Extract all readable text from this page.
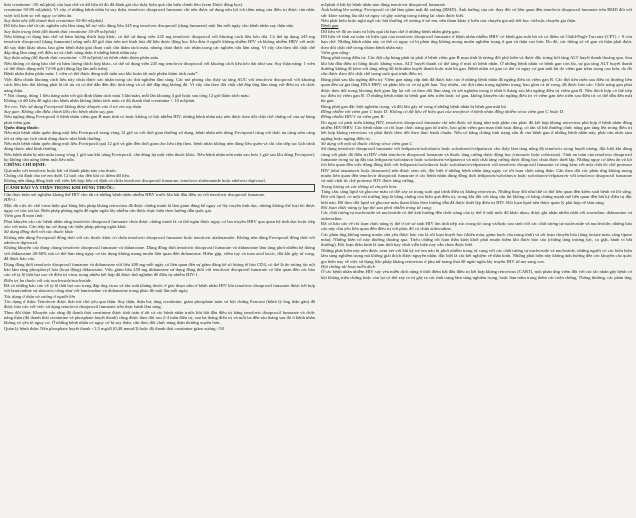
thải creatinine <50 ml/phút) còn hạn chế và dữ liệu từ đó đã đánh giá cho thấy hiệu quả cần hiệu chỉnh liều (xem Dược động học).

creatinine 50-80 ml/phút): Vì vậy, ở những bệnh nhân bị suy thận, tenofovir disoproxil fumarate chỉ nên được sử dụng nếu lợi ích tiềm năng của điều trị được cân nhắc vượt trội hơn so với nguy cơ tiềm ẩn.

Suy thận nhẹ (độ thanh thải creatinine 50-80 ml/phút)

Dữ liệu hạn chế từ các nghiên cứu lâm sàng hỗ trợ việc dùng liều 245 mg tenofovir disoproxil (dạng fumarate) một lần mỗi ngày cho bệnh nhân suy thận nhẹ.

Suy thận trung bình (độ thanh thải creatinine 30-49 ml/phút)

Nếu không có dạng bào chế và hàm lượng thích hợp khác, có thể sử dụng viên 245 mg tenofovir disoproxil với khoảng cách liều kéo dài. Có thể áp dụng 245 mg tenofovir disoproxil (dạng fumarate) uống mỗi 48 giờ dựa trên mô hình hóa dữ liệu dược động học liều đơn ở người không nhiễm HIV và không nhiễm HBV với mức độ suy thận khác nhau, bao gồm bệnh thận giai đoạn cuối cần thẩm tách máu, nhưng chưa được xác nhận trong các nghiên cứu lâm sàng. Vì vậy cần theo dõi chặt chẽ đáp ứng lâm sàng với điều trị và chức năng thận ở những bệnh nhân này.

Suy thận nặng (độ thanh thải creatinine <30 ml/phút) và bệnh nhân thẩm phân máu

Nếu không có dạng bào chế và hàm lượng thích hợp khác, có thể sử dụng viên 245 mg tenofovir disoproxil với khoảng cách liều kéo dài như sau: Suy thận nặng: 1 viên có thể được dùng mỗi 72-96 giờ (dùng lặp lần mỗi tuần).

Bệnh nhân thẩm phân máu: 1 viên có thể được dùng mỗi tuần sau khi hoàn tất một phiên thẩm tách máu*.

Việc điều chỉnh khoảng cách liều này chưa được xác nhận trong các thử nghiệm lâm sàng. Các mô phỏng cho thấy sự tăng AUC với tenofovir disoproxil với khoảng cách liều kéo dài không phải là tối ưu và có thể dẫn đến độc tính tăng và có thể đáp ứng không đủ. Vì vậy cần theo dõi chặt chẽ đáp ứng lâm sàng với điều trị và chức năng thận.

* Nói chung, dùng 1 liều hàng tuần với giả định thẩm tách máu 3 lần/tuần, mỗi lần khoảng 4 giờ hoặc sau tổng 12 giờ thẩm tách máu.

Không có dữ liệu để nghị cho bệnh nhân không thẩm tách máu có độ thanh thải creatinine < 10 ml/phút.

Trẻ em: Việc sử dụng Fovirpoxil không được khuyến cáo ở trẻ em suy thận.

Suy gan: Không cần điều chỉnh liều cho bệnh nhân suy gan.

Nếu ngừng dùng Fovirpoxil ở bệnh nhân viêm gan B mạn tính có hoặc không có bội nhiễm HIV, những bệnh nhân này nên được theo dõi chặt chẽ chứng cứ của sự bùng phát viêm gan.

Quên dùng thuốc:

Nếu một bệnh nhân quên dùng một liều Fovirpoxil trong vòng 12 giờ so với thời gian thường sử dụng, bệnh nhân nên dùng Fovirpoxil cùng với thức ăn càng sớm càng tốt và tiếp tục lịch trình dùng thuốc như bình thường.

Nếu một bệnh nhân quên dùng một liều Fovirpoxil quá 12 giờ và gần đến thời gian cho liều tiếp theo, bệnh nhân không nên dùng liều quên và chỉ cần tiếp tục lịch trình dùng thuốc như bình thường.

Nếu bệnh nhân bị nôn mửa trong vòng 1 giờ sau khi uống Fovirpoxil, cần dùng lại một viên thuốc khác. Nếu bệnh nhân nôn mửa sau hơn 1 giờ sau khi dùng Fovirpoxil, họ không cần uống thêm một liều nữa.

CHỐNG CHỈ ĐỊNH:

Quá mẫn với tenofovir hoặc bất cứ thành phần nào của thuốc.

Chống chỉ định cho trẻ em dưới 12 tuổi cho đến khi có thêm dữ liệu.

Không nên dùng đồng thời với viên kết hợp liều cố định có chứa tenofovir disoproxil fumarate, tenofovir alafenamide hoặc adefovir dipivoxil.

CẢNH BÁO VÀ THẬN TRỌNG KHI DÙNG THUỐC:

Cần thực hiện xét nghiệm kháng thể HIV cho tất cả những bệnh nhân nhiễm HBV trước khi bắt đầu điều trị với tenofovir disoproxil fumarate.

HIV-1:

Mặc dù việc ức chế virus hiệu quả bằng liệu pháp kháng retrovirus đã được chứng minh là làm giảm đáng kể nguy cơ lây truyền tình dục, nhưng không thể loại bỏ được nguy cơ còn sót lại. Biện pháp phòng ngừa để ngăn ngừa lây nhiễm cần được thực hiện theo hướng dẫn quốc gia.

Viêm gan B mạn tính:

Phải khuyến cáo các bệnh nhân rằng tenofovir disoproxil fumarate chưa được chứng minh là có thể ngăn được nguy cơ lan truyền HBV qua quan hệ tình dục hoặc tiếp xúc với máu. Cần tiếp tục sử dụng các biện pháp phòng ngừa khác.

Sử dụng đồng thời với các thuốc khác

Không nên dùng Fovirpoxil đồng thời với các thuốc khác có chứa tenofovir disoproxil fumarate hoặc tenofovir alafenamide. Không nên dùng Fovirpoxil đồng thời với adefovir dipivoxil.

Không khuyến cáo dùng chung tenofovir disoproxil fumarate và didanosine. Dùng đồng thời tenofovir disoproxil fumarate và didanosine làm tăng phơi nhiễm hệ thống với didanosine 40-60% mà có thể làm tăng nguy cơ tác dụng không mong muốn liên quan đến didanosine. Hiếm gặp, viêm tụy và toan acid lactic, đôi khi gây tử vong, đã được báo cáo.

Dùng đồng thời tenofovir disoproxil fumarate và didanosine với liều 400 mg mỗi ngày có liên quan đến sự giảm đáng kể số lượng tế bào CD4, có thể là do tương tác nội bào làm tăng phosphoryl hóa (hoạt động) didanosine. Việc giảm liều 250 mg didanosine sử dụng đồng thời với tenofovir disoproxil fumarate có liên quan đến các báo cáo về tỷ lệ thất bại cao về điều trị virus trong nhiều kết hợp đã được thử nghiệm để điều trị nhiễm HIV-1.

Điều trị ba thuốc với các nucleoside/nucleotide

Đã có những báo cáo về tỷ lệ thất bại cao trong đáp ứng virus và tần suất kháng thuốc ở giai đoạn sớm ở bệnh nhân HIV khi tenofovir disoproxil fumarate được kết hợp với lamivudine và abacavir cũng như với lamivudine và didanosine trong phác đồ một lần mỗi ngày.

Tác dụng ở thận và xương ở người lớn

Tác dụng ở thận: Tenofovir được thải trừ chủ yếu qua thận. Suy thận, thận hư, tăng creatinine, giảm phosphate máu và hội chứng Fanconi (bệnh lý ống thận gần) đã được báo cáo với việc sử dụng tenofovir disoproxil fumarate trên thực hành lâm sàng.

Theo dõi thận: Khuyến cáo rằng độ thanh thải creatinine được tính toán ở tất cả các bệnh nhân trước khi bắt đầu điều trị bằng tenofovir disoproxil fumarate và chức năng thận (độ thanh thải creatinine và phosphate huyết thanh) cũng được theo dõi sau 2-4 tuần điều trị, sau ba tháng điều trị và mỗi ba đến sáu tháng sau đó ở bệnh nhân không có yếu tố nguy cơ. Ở những bệnh nhân có nguy cơ bị suy thận, cần theo dõi chức năng thận thường xuyên hơn.

Quản lý bệnh thận: Nếu phosphate huyết thanh <1,5 mg/dl (0,48 mmol/l) hoặc độ thanh thải creatinine giảm xuống <50

ml/phút ở bất kỳ bệnh nhân nào dùng tenofovir disoproxil fumarate.

Ảnh hưởng lên xương: Fovirpoxil có thể làm giảm mật độ xương (BMD). Ảnh hưởng của các thay đổi có liên quan đến tenofovir disoproxil fumarate trên BMD đối với sức khỏe xương lâu dài và nguy cơ gãy xương trong tương lai chưa được biết.

Nếu phát hiện hoặc nghi ngờ các bất thường về xương ở trẻ em, nên tham khảo ý kiến của chuyên gia nội tiết học và/hoặc chuyên gia thận.

Bệnh gan

Dữ liệu về độ an toàn và hiệu quả rất hạn chế ở những bệnh nhân ghép gan.

Dữ liệu về tính an toàn và hiệu quả của tenofovir disoproxil fumarate ở bệnh nhân nhiễm HBV có bệnh gan mất bù và có điểm số Child-Pugh-Turcotte (CPT) > 9 còn hạn chế. Những bệnh nhân này có thể có nguy cơ bị phản ứng không mong muốn nghiêm trọng ở gan và thận cao hơn. Do đó, các thông số về gan và thận phải được theo dõi chặt chẽ trong nhóm bệnh nhân này.

Viêm gan nặng:

Bùng phát trong điều trị: Các đợt cấp bùng phát tự phát ở bệnh viêm gan B mạn tính là tương đối phổ biến và được đặc trưng bởi tăng ALT huyết thanh thoáng qua. Sau khi bắt đầu điều trị bằng thuốc kháng virus, ALT huyết thanh có thể tăng ở một số bệnh nhân. Ở những bệnh nhân có bệnh gan còn bù, sự gia tăng ALT huyết thanh thường không đi kèm với tăng nồng độ bilirubin huyết thanh hoặc mất bù gan. Bệnh nhân xơ gan có thể có nguy cơ gan mất bù do viêm gan trầm trọng cao hơn, do đó cần được theo dõi chặt chẽ trong suốt quá trình điều trị.

Bùng phát sau khi ngừng điều trị: Viêm gan nặng cấp tính đã được báo cáo ở những bệnh nhân đã ngừng điều trị viêm gan B. Các đợt tiến triển sau điều trị thường liên quan đến sự gia tăng DNA HBV, và phần lớn có vẻ tự giới hạn. Tuy nhiên, các đợt trầm trọng nghiêm trọng, bao gồm cả tử vong, đã được báo cáo. Chức năng gan phải được theo dõi trong khoảng thời gian lặp lại với cả theo dõi lâm sàng và xét nghiệm trong ít nhất 6 tháng sau khi ngừng điều trị viêm gan B. Nếu thích hợp có thể tiếp tục điều trị viêm gan B. Ở những bệnh nhân bị bệnh gan tiến triển hoặc xơ gan, không khuyến cáo ngừng điều trị vì viêm gan tiến triển sau điều trị có thể dẫn đến mất bù gan.

Bùng phát gan đặc biệt nghiêm trọng, và đôi khi gây tử vong ở những bệnh nhân bị bệnh gan mất bù.

Đồng nhiễm với viêm gan C hoặc D: Không có dữ liệu về hiệu quả của tenofovir ở bệnh nhân đồng nhiễm virus viêm gan C hoặc D.

Đồng nhiễm HIV-1 và viêm gan B:

Do nguy cơ phát triển kháng HIV, tenofovir disoproxil fumarate chỉ nên được sử dụng như một phần của phác đồ kết hợp kháng retrovirus phù hợp ở bệnh nhân đồng nhiễm HIV/HBV. Các bệnh nhân có rối loạn chức năng gan từ trước, bao gồm viêm gan mạn tính hoạt động, có tần số bất thường chức năng gan tăng lên trong điều trị kết hợp kháng retrovirus và phải được theo dõi theo thực hành chuẩn. Nếu có bằng chứng tình trạng xấu đi của bệnh gan ở những bệnh nhân này, phải cân nhắc tạm ngừng hoặc ngừng điều trị.

Sử dụng với một số thuốc chống virus viêm gan C

Sử dụng tenofovir disoproxil fumarate với ledipasvir/sofosbuvir hoặc sofosbuvir/velpatasvir cho thấy làm tăng nồng độ tenofovir trong huyết tương, đặc biệt khi dùng cùng với phác đồ điều trị HIV chứa tenofovir disoproxil fumarate và thuốc tăng cường dược động học (ritonavir hoặc cobicistat). Tính an toàn của tenofovir disoproxil fumarate trong sự áp đặt của ledipasvir/sofosbuvir hoặc sofosbuvir/velpatasvir và một chất tăng cường dược động học chưa được thiết lập. Những nguy cơ tiềm ẩn và lợi ích liên quan đến việc dùng đồng thời với ledipasvir/sofosbuvir hoặc sofosbuvir/velpatasvir với tenofovir disoproxil fumarate có tăng kèm với một chất ức chế protease HIV (như atazanavir hoặc darunavir) nên được xem xét, đặc biệt ở những bệnh nhân tăng nguy cơ rối loạn chức năng thận. Cần theo dõi các phản ứng không mong muốn liên quan đến tenofovir disoproxil fumarate ở các bệnh nhân dùng đồng thời ledipasvir/sofosbuvir hoặc sofosbuvir/velpatasvir với tenofovir disoproxil fumarate và một chất ức chế protease HIV được tăng cường.

Trọng lượng và các thông số chuyển hóa:

Tăng cân, tăng lipid và glucose máu có thể xảy ra trong suốt quá trình điều trị kháng retrovirus. Những thay đổi như thế có thể liên quan đến kiểm soát bệnh và lối sống. Đối với lipid, có một vài trường hợp là bằng chứng của hiệu quả điều trị, trong khi đối với tăng cân thì không có bằng chứng mạnh mẽ liên quan đến bất kỳ điều trị đặc biệt nào. Để theo dõi lipid và glucose máu tham khảo theo hướng dẫn đã được thiết lập điều trị HIV. Rối loạn lipid nên được quản lý phù hợp về lâm sàng.

Rối loạn chức năng ty lạp thể sau phơi nhiễm trong tử cung:

Các chất tương tự nucleoside và nucleotide có thể ảnh hưởng đến chức năng của ty thể ở một mức độ khác nhau, được ghi nhận nhiều nhất với stavudine, didanosine và zidovudine.

Đã có báo cáo về rối loạn chức năng ty thể ở trẻ sơ sinh HIV âm tính tiếp xúc trong tử cung và/hoặc sau sinh với các chất tương tự nucleoside và nucleotide; những báo cáo này chủ yếu liên quan đến điều trị với phác đồ có chứa zidovudine.

Các phản ứng không mong muốn chủ yếu được báo cáo là rối loạn huyết học (thiếu máu, giảm bạch cầu trung tính) và rối loạn chuyển hóa (tăng lactate máu, tăng lipase máu). Những biến cố này thường thoáng qua. Triệu chứng rối loạn thần kinh khởi phát muộn hiếm khi được báo cáo (chứng tăng trương lực, co giật, hành vi bất thường). Rối loạn thần kinh là tạm thời hay vĩnh viễn hiện nay vẫn chưa được biết.

Những phát hiện này nên được xem xét với bất kỳ trẻ em nào bị phơi nhiễm trong tử cung với các chất tương tự nucleoside và nucleotide, những người có các biểu hiện lâm sàng nghiêm trọng mà không giải thích được nguyên nhân, đặc biệt là các kết nghiệm về thần kinh. Những phát hiện này không ảnh hưởng đến các khuyến cáo quốc gia hiện nay về việc sử dụng liệu pháp kháng retrovirus ở phụ nữ mang thai để ngăn ngừa lây truyền HIV từ mẹ sang con.

Hội chứng tái hoạt miễn dịch

Ở các bệnh nhân nhiễm HIV suy yếu miễn dịch nặng ở thời điểm bắt đầu điều trị kết hợp kháng retrovirus (CART), một phản ứng viêm đối với các tác nhân gây bệnh cơ hội không triệu chứng hoặc còn lại có thể xảy ra và gây ra các tình trạng lâm sàng nghiêm trọng, hoặc làm trầm trọng thêm các triệu chứng. Thông thường, các phản ứng
